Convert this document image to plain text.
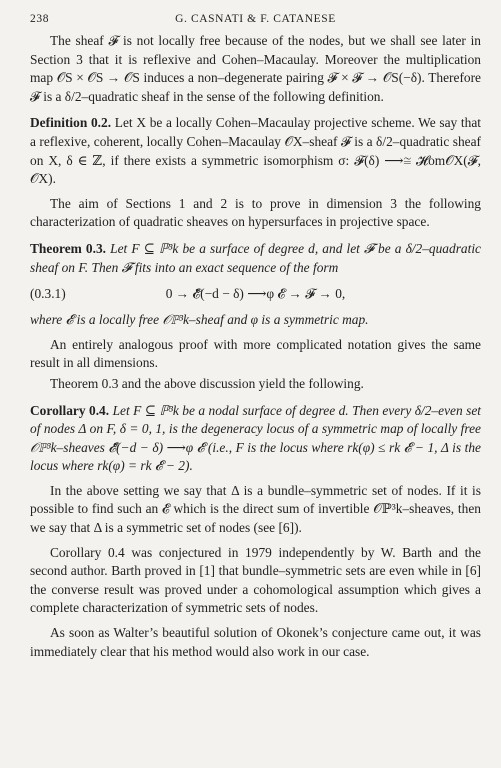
238	G. CASNATI & F. CATANESE

The sheaf 𝓕 is not locally free because of the nodes, but we shall see later in Section 3 that it is reflexive and Cohen–Macaulay. Moreover the multiplication map 𝒪S × 𝒪S → 𝒪S induces a non–degenerate pairing 𝓕 × 𝓕 → 𝒪S(−δ). Therefore 𝓕 is a δ/2–quadratic sheaf in the sense of the following definition.

Definition 0.2. Let X be a locally Cohen–Macaulay projective scheme. We say that a reflexive, coherent, locally Cohen–Macaulay 𝒪X–sheaf 𝓕 is a δ/2–quadratic sheaf on X, δ ∈ ℤ, if there exists a symmetric isomorphism σ: 𝓕(δ) ⟶≅ 𝓗om𝒪X(𝓕, 𝒪X).

The aim of Sections 1 and 2 is to prove in dimension 3 the following characterization of quadratic sheaves on hypersurfaces in projective space.

Theorem 0.3. Let F ⊆ ℙ³k be a surface of degree d, and let 𝓕 be a δ/2–quadratic sheaf on F. Then 𝓕 fits into an exact sequence of the form

(0.3.1)	0 → 𝓔̌(−d − δ) ⟶φ 𝓔 → 𝓕 → 0,

where 𝓔 is a locally free 𝒪ℙ³k–sheaf and φ is a symmetric map.

An entirely analogous proof with more complicated notation gives the same result in all dimensions.

Theorem 0.3 and the above discussion yield the following.

Corollary 0.4. Let F ⊆ ℙ³k be a nodal surface of degree d. Then every δ/2–even set of nodes Δ on F, δ = 0, 1, is the degeneracy locus of a symmetric map of locally free 𝒪ℙ³k–sheaves 𝓔̌(−d − δ) ⟶φ 𝓔 (i.e., F is the locus where rk(φ) ≤ rk 𝓔 − 1, Δ is the locus where rk(φ) = rk 𝓔 − 2).

In the above setting we say that Δ is a bundle–symmetric set of nodes. If it is possible to find such an 𝓔 which is the direct sum of invertible 𝒪ℙ³k–sheaves, then we say that Δ is a symmetric set of nodes (see [6]).

Corollary 0.4 was conjectured in 1979 independently by W. Barth and the second author. Barth proved in [1] that bundle–symmetric sets are even while in [6] the converse result was proved under a cohomological assumption which gives a complete characterization of symmetric sets of nodes.

As soon as Walter’s beautiful solution of Okonek’s conjecture came out, it was immediately clear that his method would also work in our case.
